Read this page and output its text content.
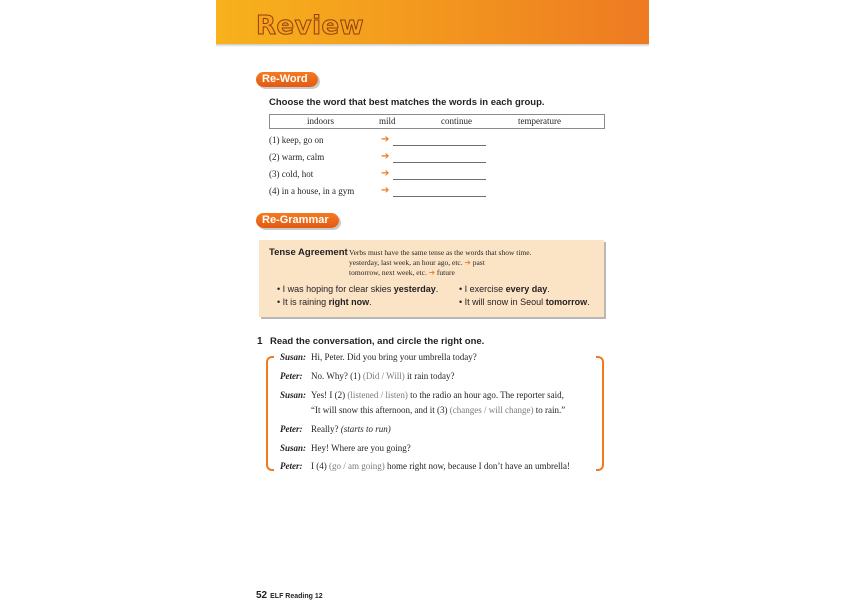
Review
Re-Word
Choose the word that best matches the words in each group.
indoors	mild	continue	temperature
(1) keep, go on	➔
(2) warm, calm	➔
(3) cold, hot	➔
(4) in a house, in a gym	➔
Re-Grammar
Tense Agreement Verbs must have the same tense as the words that show time.
yesterday, last week, an hour ago, etc. ➔ past
tomorrow, next week, etc. ➔ future
• I was hoping for clear skies yesterday.
• It is raining right now.
• I exercise every day.
• It will snow in Seoul tomorrow.
1 Read the conversation, and circle the right one.
Susan: Hi, Peter. Did you bring your umbrella today?
Peter: No. Why? (1) (Did / Will) it rain today?
Susan: Yes! I (2) (listened / listen) to the radio an hour ago. The reporter said,
“It will snow this afternoon, and it (3) (changes / will change) to rain.”
Peter: Really? (starts to run)
Susan: Hey! Where are you going?
Peter: I (4) (go / am going) home right now, because I don’t have an umbrella!
52 ELF Reading 12
